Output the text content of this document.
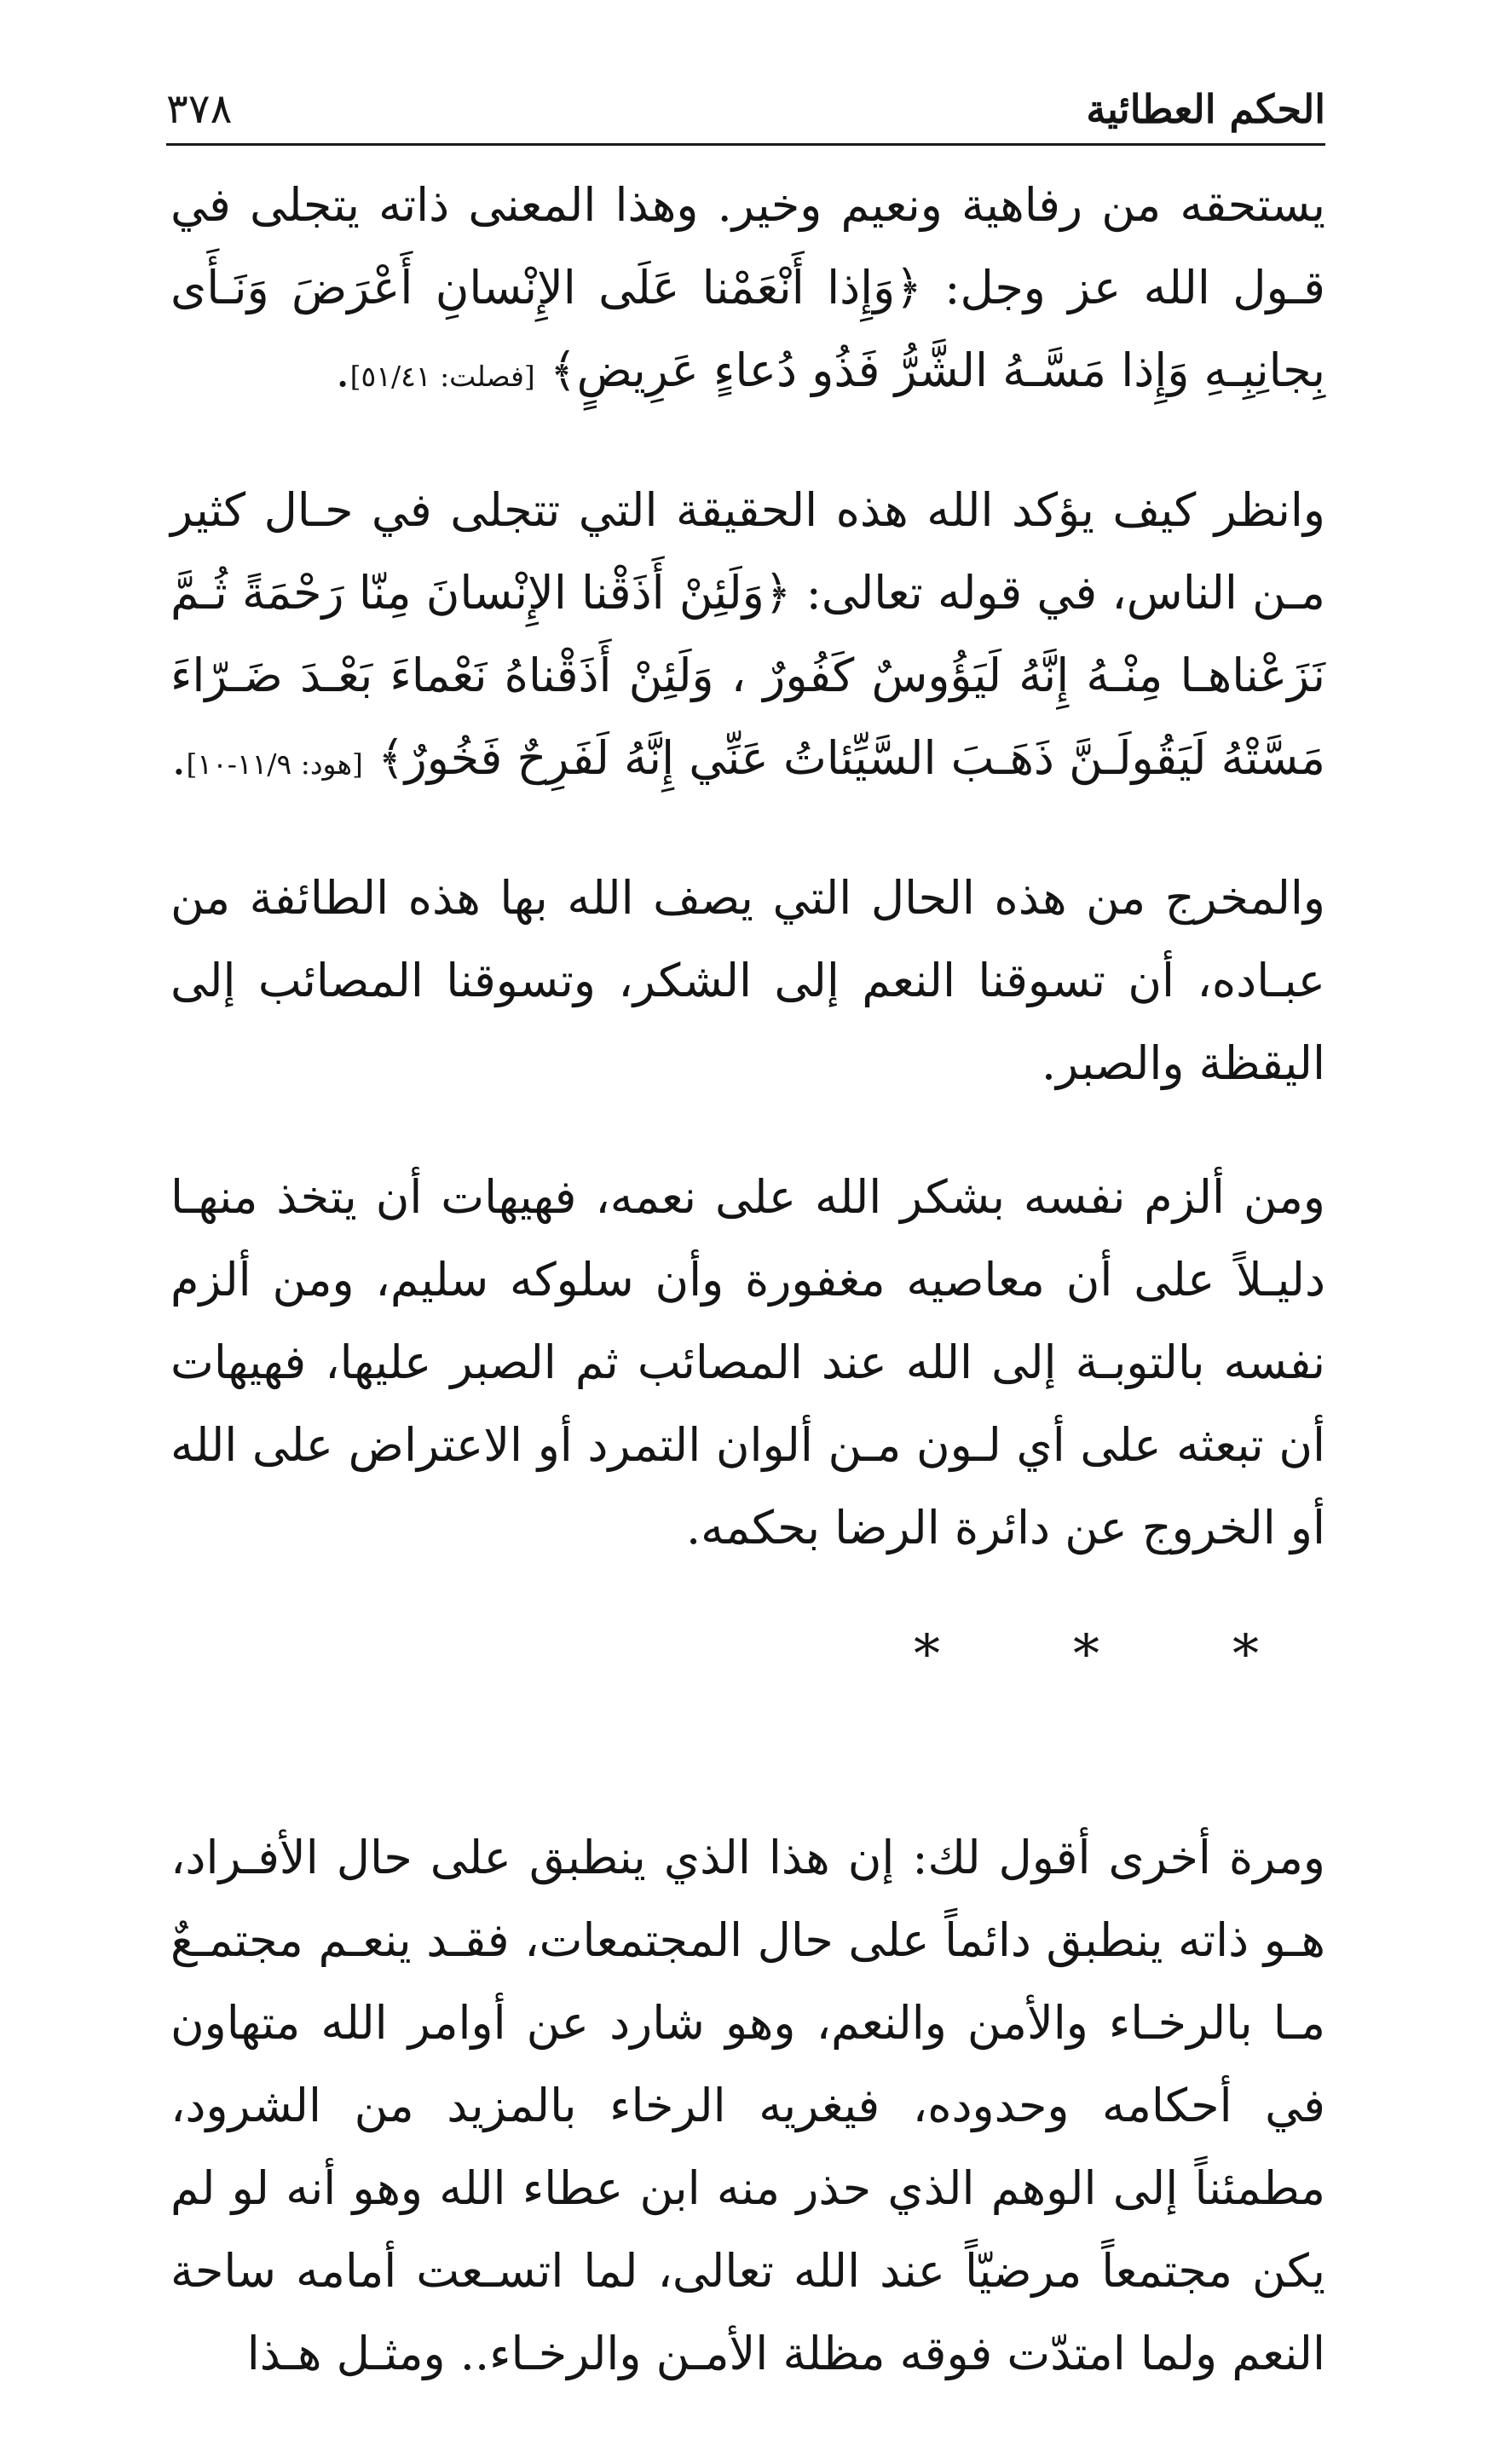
الحكم العطائية
٣٧٨

يستحقه من رفاهية ونعيم وخير. وهذا المعنى ذاته يتجلى في قـول الله عز وجل: ﴿وَإِذا أَنْعَمْنا عَلَى الإِنْسانِ أَعْرَضَ وَنَـأَى بِجانِبِـهِ وَإِذا مَسَّـهُ الشَّرُّ فَذُو دُعاءٍ عَرِيضٍ﴾ [فصلت: ٥١/٤١].

وانظر كيف يؤكد الله هذه الحقيقة التي تتجلى في حـال كثير مـن الناس، في قوله تعالى: ﴿وَلَئِنْ أَذَقْنا الإِنْسانَ مِنّا رَحْمَةً ثُـمَّ نَزَعْناهـا مِنْـهُ إِنَّهُ لَيَؤُوسٌ كَفُورٌ ، وَلَئِنْ أَذَقْناهُ نَعْماءَ بَعْـدَ ضَـرّاءَ مَسَّتْهُ لَيَقُولَـنَّ ذَهَـبَ السَّيِّئاتُ عَنِّي إِنَّهُ لَفَرِحٌ فَخُورٌ﴾ [هود: ١١/٩-١٠].

والمخرج من هذه الحال التي يصف الله بها هذه الطائفة من عبـاده، أن تسوقنا النعم إلى الشكر، وتسوقنا المصائب إلى اليقظة والصبر.

ومن ألزم نفسه بشكر الله على نعمه، فهيهات أن يتخذ منهـا دليـلاً على أن معاصيه مغفورة وأن سلوكه سليم، ومن ألزم نفسه بالتوبـة إلى الله عند المصائب ثم الصبر عليها، فهيهات أن تبعثه على أي لـون مـن ألوان التمرد أو الاعتراض على الله أو الخروج عن دائرة الرضا بحكمه.

*	*	*

ومرة أخرى أقول لك: إن هذا الذي ينطبق على حال الأفـراد، هـو ذاته ينطبق دائماً على حال المجتمعات، فقـد ينعـم مجتمـعٌ مـا بالرخـاء والأمن والنعم، وهو شارد عن أوامر الله متهاون في أحكامه وحدوده، فيغريه الرخاء بالمزيد من الشرود، مطمئناً إلى الوهم الذي حذر منه ابن عطاء الله وهو أنه لو لم يكن مجتمعاً مرضيّاً عند الله تعالى، لما اتسـعت أمامه ساحة النعم ولما امتدّت فوقه مظلة الأمـن والرخـاء.. ومثـل هـذا
